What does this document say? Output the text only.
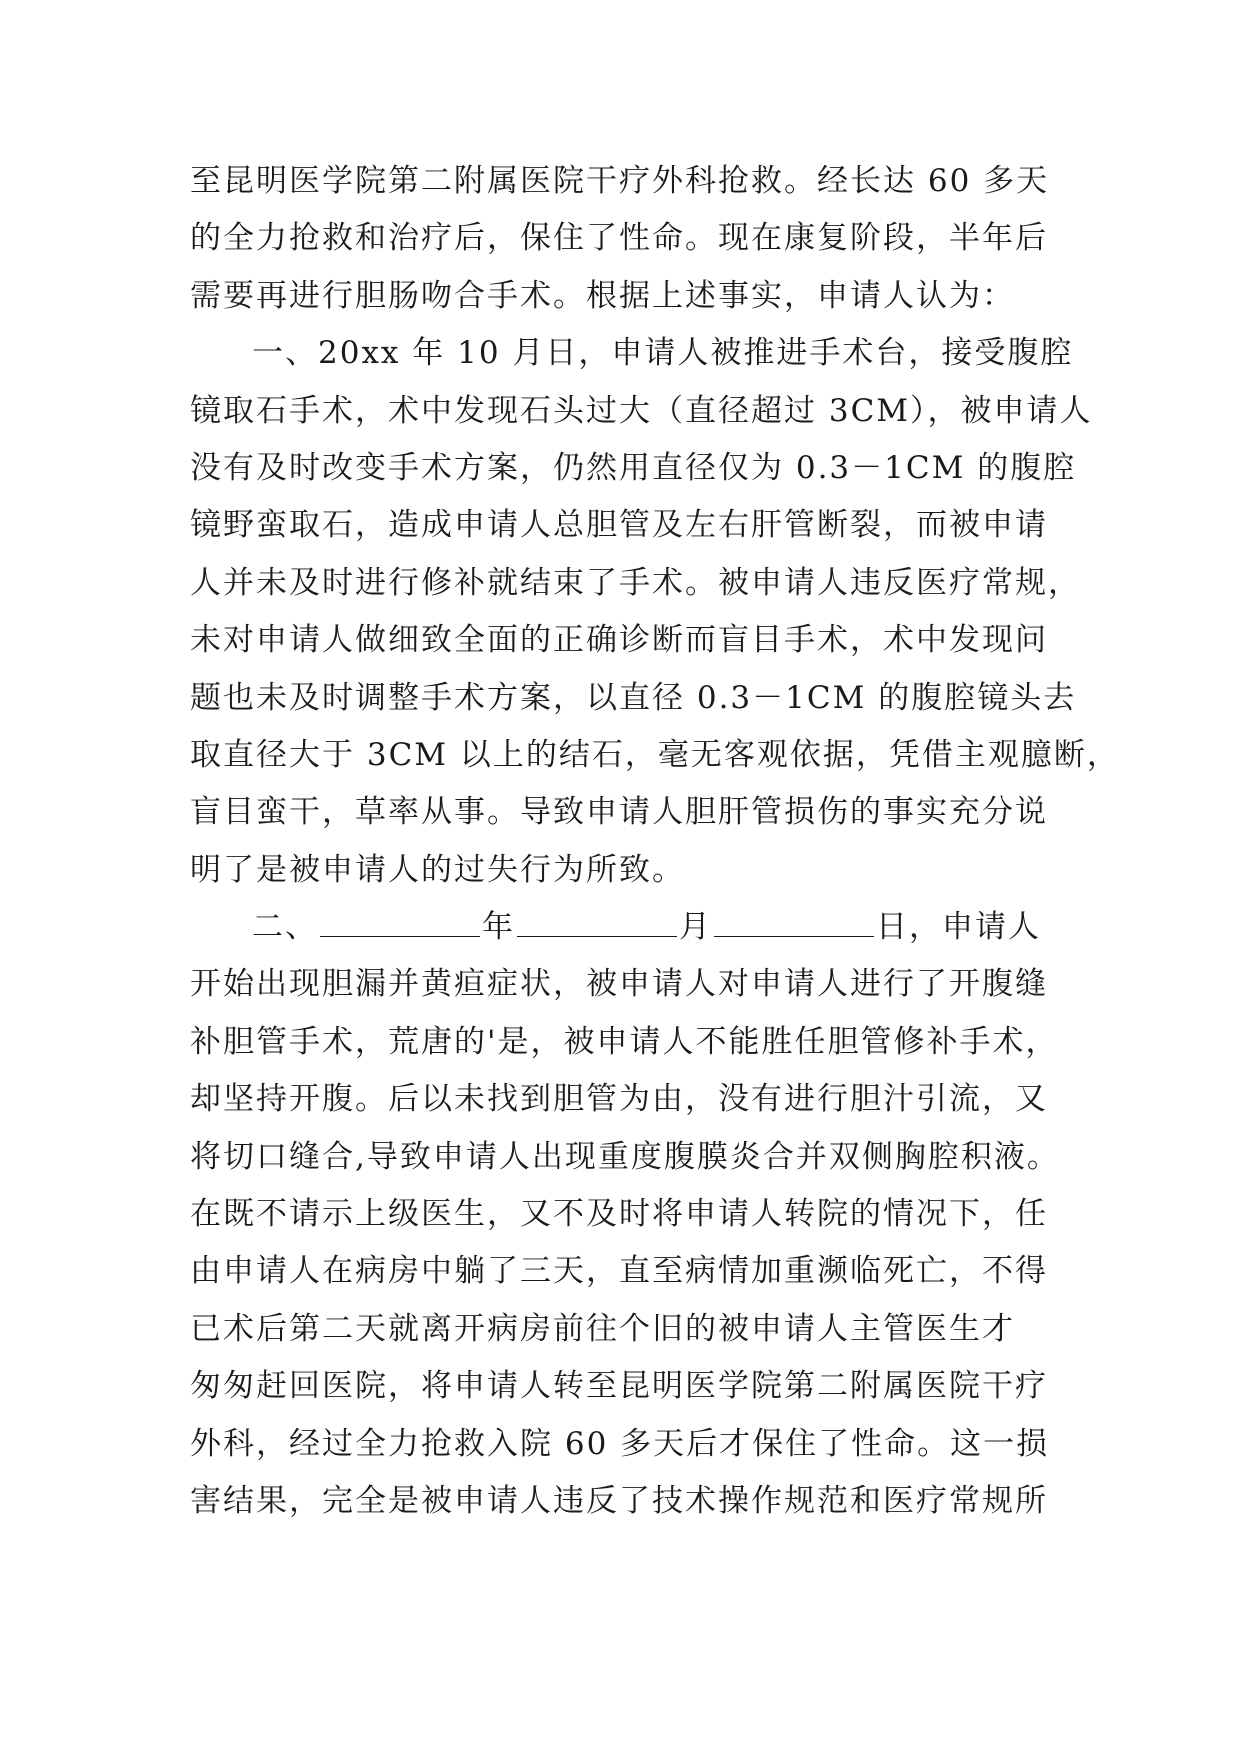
至昆明医学院第二附属医院干疗外科抢救。经长达 60 多天
的全力抢救和治疗后，保住了性命。现在康复阶段，半年后
需要再进行胆肠吻合手术。根据上述事实，申请人认为：
一、20xx 年 10 月日，申请人被推进手术台，接受腹腔
镜取石手术，术中发现石头过大（直径超过 3CM），被申请人
没有及时改变手术方案，仍然用直径仅为 0.3－1CM 的腹腔
镜野蛮取石，造成申请人总胆管及左右肝管断裂，而被申请
人并未及时进行修补就结束了手术。被申请人违反医疗常规，
未对申请人做细致全面的正确诊断而盲目手术，术中发现问
题也未及时调整手术方案，以直径 0.3－1CM 的腹腔镜头去
取直径大于 3CM 以上的结石，毫无客观依据，凭借主观臆断，
盲目蛮干，草率从事。导致申请人胆肝管损伤的事实充分说
明了是被申请人的过失行为所致。
二、	年	月	日，申请人
开始出现胆漏并黄疸症状，被申请人对申请人进行了开腹缝
补胆管手术，荒唐的'是，被申请人不能胜任胆管修补手术，
却坚持开腹。后以未找到胆管为由，没有进行胆汁引流，又
将切口缝合,导致申请人出现重度腹膜炎合并双侧胸腔积液。
在既不请示上级医生，又不及时将申请人转院的情况下，任
由申请人在病房中躺了三天，直至病情加重濒临死亡，不得
已术后第二天就离开病房前往个旧的被申请人主管医生才
匆匆赶回医院，将申请人转至昆明医学院第二附属医院干疗
外科，经过全力抢救入院 60 多天后才保住了性命。这一损
害结果，完全是被申请人违反了技术操作规范和医疗常规所
